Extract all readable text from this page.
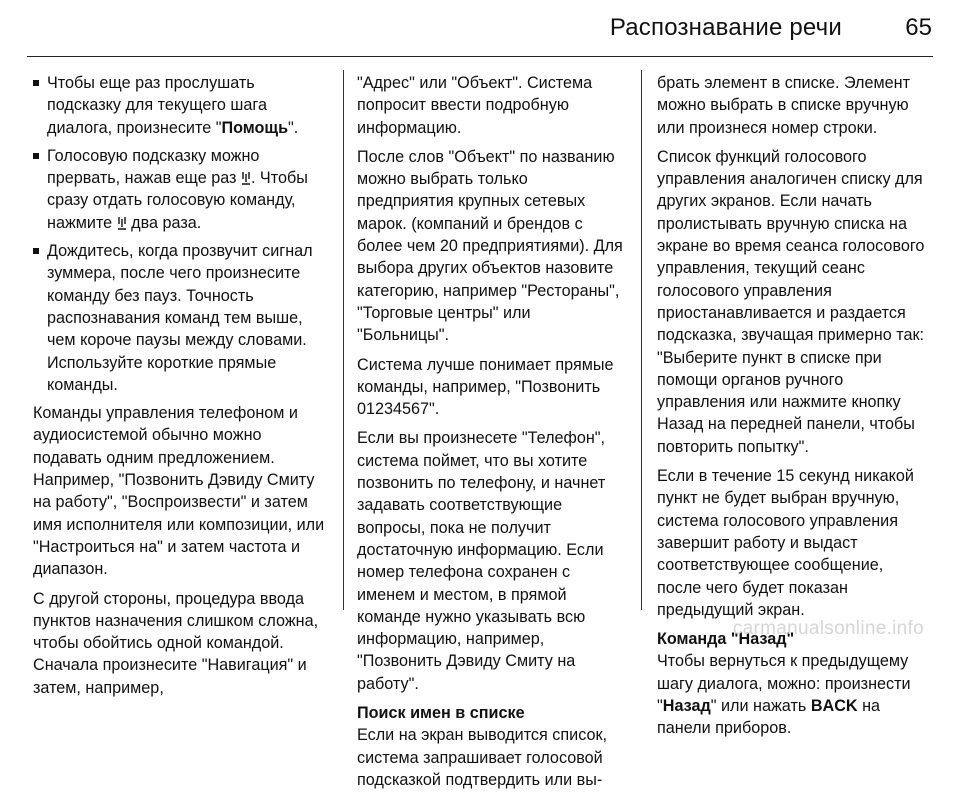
Распознавание речи	65
Чтобы еще раз прослушать подсказку для текущего шага диалога, произнесите "Помощь".
Голосовую подсказку можно прервать, нажав еще раз . Чтобы сразу отдать голосовую команду, нажмите  два раза.
Дождитесь, когда прозвучит сигнал зуммера, после чего произнесите команду без пауз. Точность распознавания команд тем выше, чем короче паузы между словами. Используйте короткие прямые команды.

Команды управления телефоном и аудиосистемой обычно можно подавать одним предложением. Например, "Позвонить Дэвиду Смиту на работу", "Воспроизвести" и затем имя исполнителя или композиции, или "Настроиться на" и затем частота и диапазон.

С другой стороны, процедура ввода пунктов назначения слишком сложна, чтобы обойтись одной командой. Сначала произнесите "Навигация" и затем, например,

"Адрес" или "Объект". Система попросит ввести подробную информацию.

После слов "Объект" по названию можно выбрать только предприятия крупных сетевых марок. (компаний и брендов с более чем 20 предприятиями). Для выбора других объектов назовите категорию, например "Рестораны", "Торговые центры" или "Больницы".

Система лучше понимает прямые команды, например, "Позвонить 01234567".

Если вы произнесете "Телефон", система поймет, что вы хотите позвонить по телефону, и начнет задавать соответствующие вопросы, пока не получит достаточную информацию. Если номер телефона сохранен с именем и местом, в прямой команде нужно указывать всю информацию, например, "Позвонить Дэвиду Смиту на работу".

Поиск имен в списке

Если на экран выводится список, система запрашивает голосовой подсказкой подтвердить или вы-

брать элемент в списке. Элемент можно выбрать в списке вручную или произнеся номер строки.

Список функций голосового управления аналогичен списку для других экранов. Если начать пролистывать вручную списка на экране во время сеанса голосового управления, текущий сеанс голосового управления приостанавливается и раздается подсказка, звучащая примерно так: "Выберите пункт в списке при помощи органов ручного управления или нажмите кнопку Назад на передней панели, чтобы повторить попытку".

Если в течение 15 секунд никакой пункт не будет выбран вручную, система голосового управления завершит работу и выдаст соответствующее сообщение, после чего будет показан предыдущий экран.

Команда "Назад"

Чтобы вернуться к предыдущему шагу диалога, можно: произнести "Назад" или нажать BACK на панели приборов.

carmanualsonline.info
